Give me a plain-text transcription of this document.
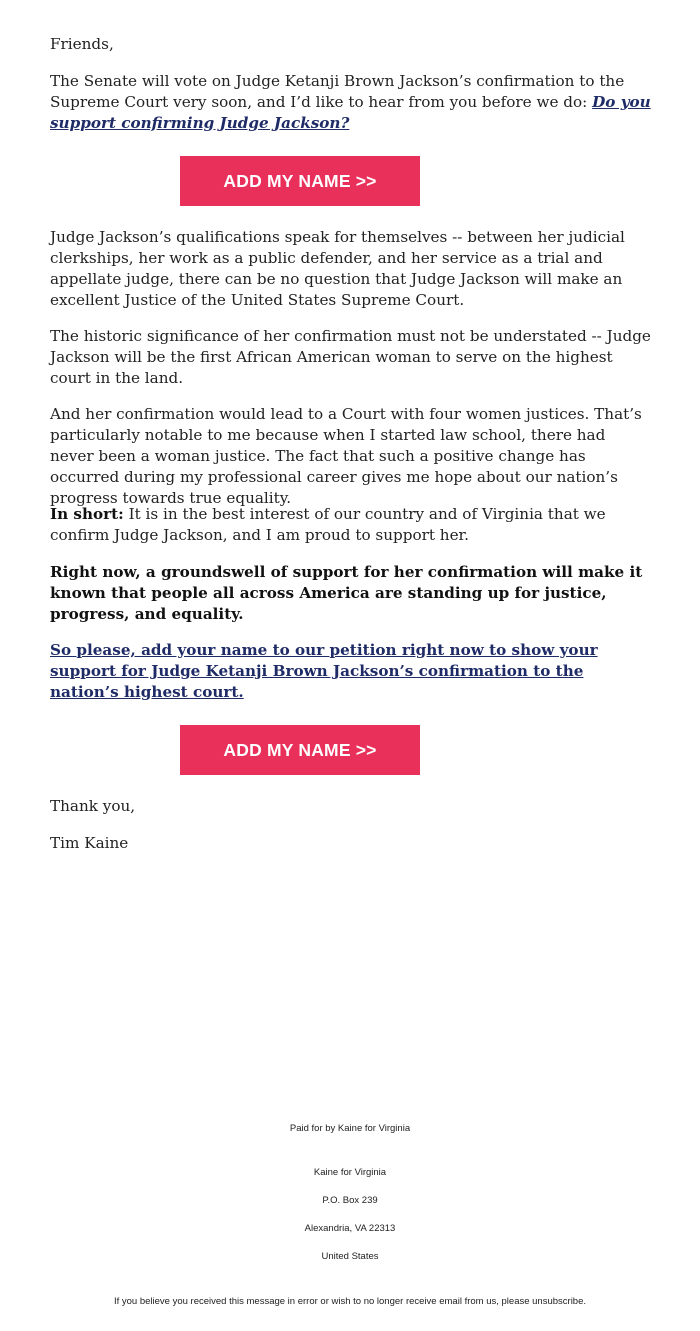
Friends,

The Senate will vote on Judge Ketanji Brown Jackson’s confirmation to the Supreme Court very soon, and I’d like to hear from you before we do: Do you support confirming Judge Jackson?

Judge Jackson’s qualifications speak for themselves -- between her judicial clerkships, her work as a public defender, and her service as a trial and appellate judge, there can be no question that Judge Jackson will make an excellent Justice of the United States Supreme Court.

The historic significance of her confirmation must not be understated -- Judge Jackson will be the first African American woman to serve on the highest court in the land.

And her confirmation would lead to a Court with four women justices. That’s particularly notable to me because when I started law school, there had never been a woman justice. The fact that such a positive change has occurred during my professional career gives me hope about our nation’s progress towards true equality.

In short: It is in the best interest of our country and of Virginia that we confirm Judge Jackson, and I am proud to support her.

Right now, a groundswell of support for her confirmation will make it known that people all across America are standing up for justice, progress, and equality.

So please, add your name to our petition right now to show your support for Judge Ketanji Brown Jackson’s confirmation to the nation’s highest court.

Thank you,

Tim Kaine

ADD MY NAME >>
ADD MY NAME >>
Paid for by Kaine for Virginia
Kaine for Virginia
P.O. Box 239
Alexandria, VA 22313
United States
If you believe you received this message in error or wish to no longer receive email from us, please unsubscribe.
